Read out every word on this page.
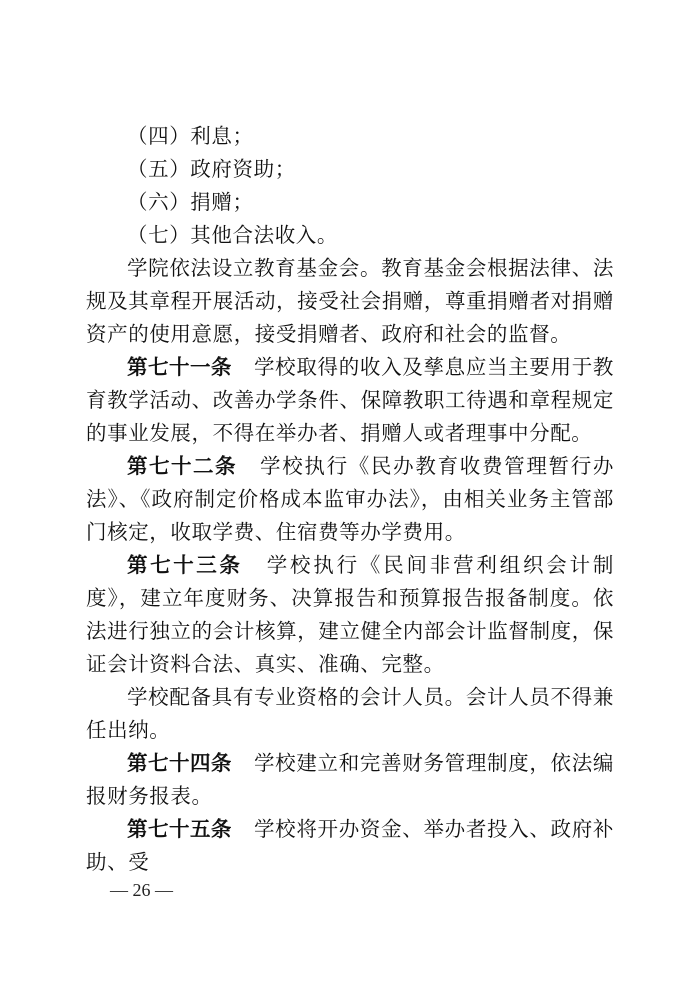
（四）利息；

（五）政府资助；

（六）捐赠；

（七）其他合法收入。

学院依法设立教育基金会。教育基金会根据法律、法规及其章程开展活动，接受社会捐赠，尊重捐赠者对捐赠资产的使用意愿，接受捐赠者、政府和社会的监督。

第七十一条 学校取得的收入及孳息应当主要用于教育教学活动、改善办学条件、保障教职工待遇和章程规定的事业发展，不得在举办者、捐赠人或者理事中分配。

第七十二条 学校执行《民办教育收费管理暂行办法》、《政府制定价格成本监审办法》，由相关业务主管部门核定，收取学费、住宿费等办学费用。

第七十三条 学校执行《民间非营利组织会计制度》，建立年度财务、决算报告和预算报告报备制度。依法进行独立的会计核算，建立健全内部会计监督制度，保证会计资料合法、真实、准确、完整。

学校配备具有专业资格的会计人员。会计人员不得兼任出纳。

第七十四条 学校建立和完善财务管理制度，依法编报财务报表。

第七十五条 学校将开办资金、举办者投入、政府补助、受

— 26 —
